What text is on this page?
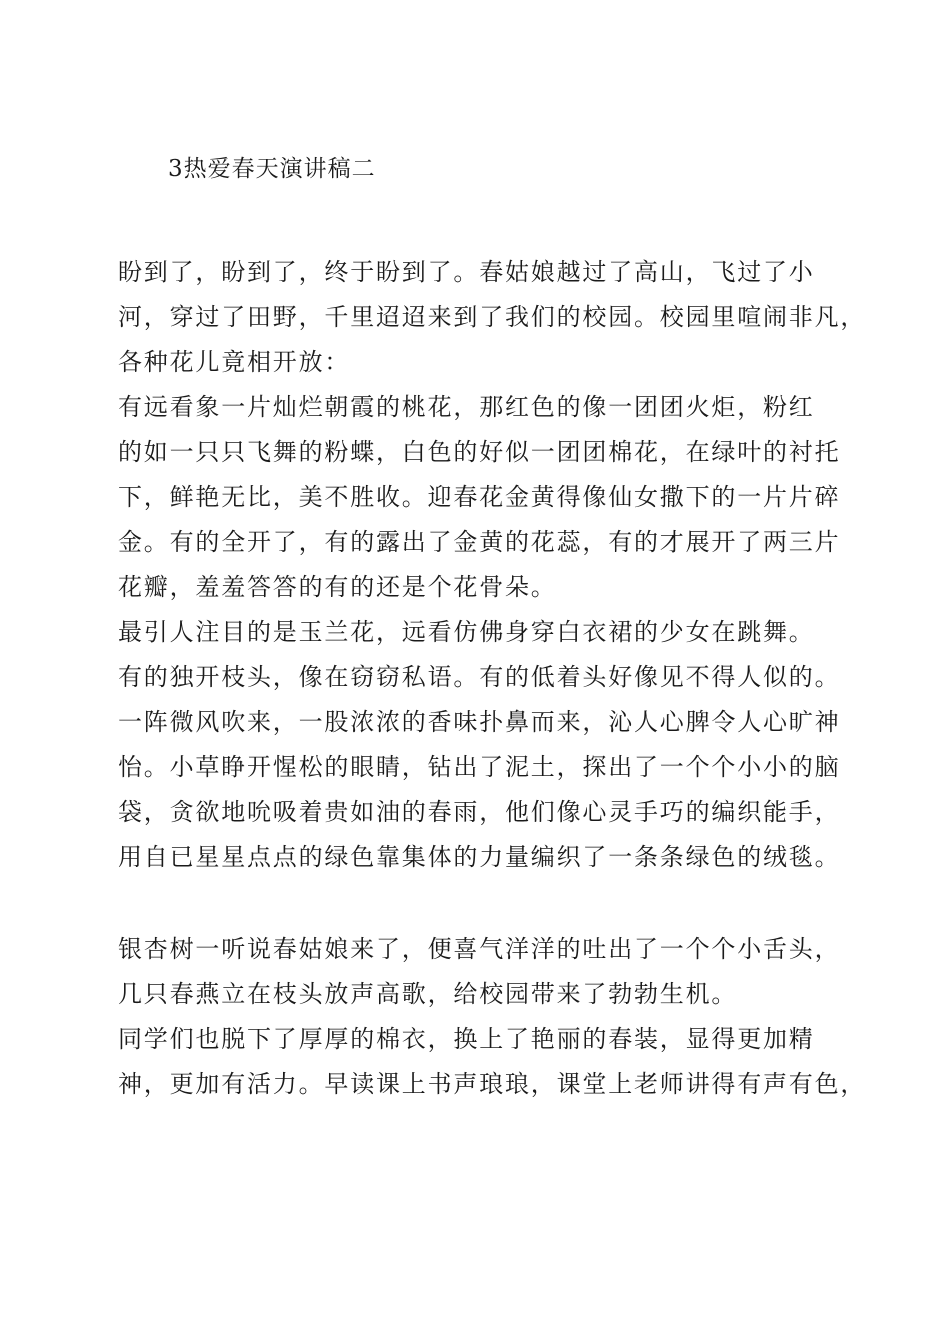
3热爱春天演讲稿二
盼到了，盼到了，终于盼到了。春姑娘越过了高山，飞过了小
河，穿过了田野，千里迢迢来到了我们的校园。校园里喧闹非凡，
各种花儿竟相开放：
有远看象一片灿烂朝霞的桃花，那红色的像一团团火炬，粉红
的如一只只飞舞的粉蝶，白色的好似一团团棉花，在绿叶的衬托
下，鲜艳无比，美不胜收。迎春花金黄得像仙女撒下的一片片碎
金。有的全开了，有的露出了金黄的花蕊，有的才展开了两三片
花瓣，羞羞答答的有的还是个花骨朵。
最引人注目的是玉兰花，远看仿佛身穿白衣裙的少女在跳舞。
有的独开枝头，像在窃窃私语。有的低着头好像见不得人似的。
一阵微风吹来，一股浓浓的香味扑鼻而来，沁人心脾令人心旷神
怡。小草睁开惺松的眼睛，钻出了泥土，探出了一个个小小的脑
袋，贪欲地吮吸着贵如油的春雨，他们像心灵手巧的编织能手，
用自已星星点点的绿色靠集体的力量编织了一条条绿色的绒毯。
银杏树一听说春姑娘来了，便喜气洋洋的吐出了一个个小舌头，
几只春燕立在枝头放声高歌，给校园带来了勃勃生机。
同学们也脱下了厚厚的棉衣，换上了艳丽的春装，显得更加精
神，更加有活力。早读课上书声琅琅，课堂上老师讲得有声有色，
